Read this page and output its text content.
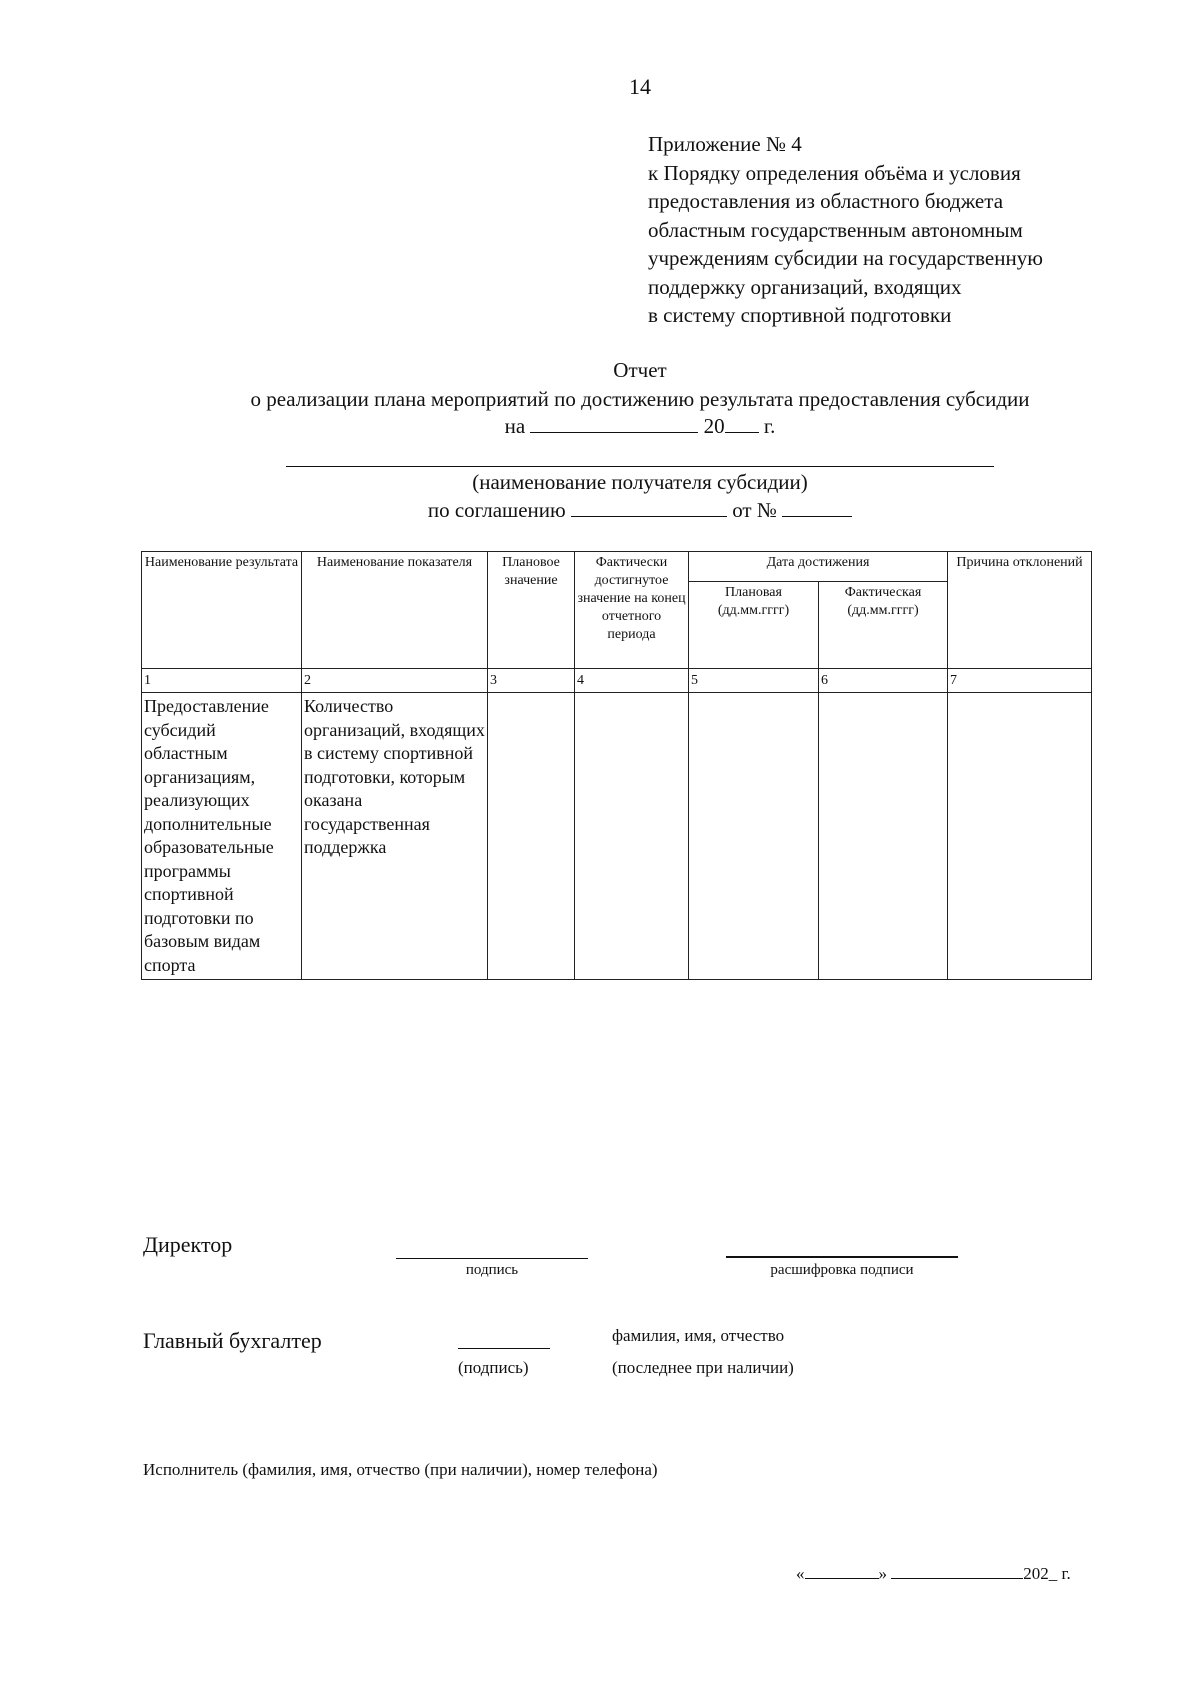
14
Приложение № 4
к Порядку определения объёма и условия
предоставления из областного бюджета
областным государственным автономным
учреждениям субсидии на государственную
поддержку организаций, входящих
в систему спортивной подготовки
Отчет
о реализации плана мероприятий по достижению результата предоставления субсидии
на	20 г.
(наименование получателя субсидии)
по соглашению	от №
Наименование результата	Наименование показателя	Плановое значение	Фактически достигнутое значение на конец отчетного периода	Дата достижения		Причина отклонений
				Плановая (дд.мм.гггг)	Фактическая (дд.мм.гггг)	
1	2	3	4	5	6	7
Предоставление субсидий областным организациям, реализующих дополнительные образовательные программы спортивной подготовки по базовым видам спорта	Количество организаций, входящих в систему спортивной подготовки, которым оказана государственная поддержка					
Директор
подпись	расшифровка подписи
Главный бухгалтер	фамилия, имя, отчество
(подпись)	(последнее при наличии)
Исполнитель (фамилия, имя, отчество (при наличии), номер телефона)
«	»	202_ г.
